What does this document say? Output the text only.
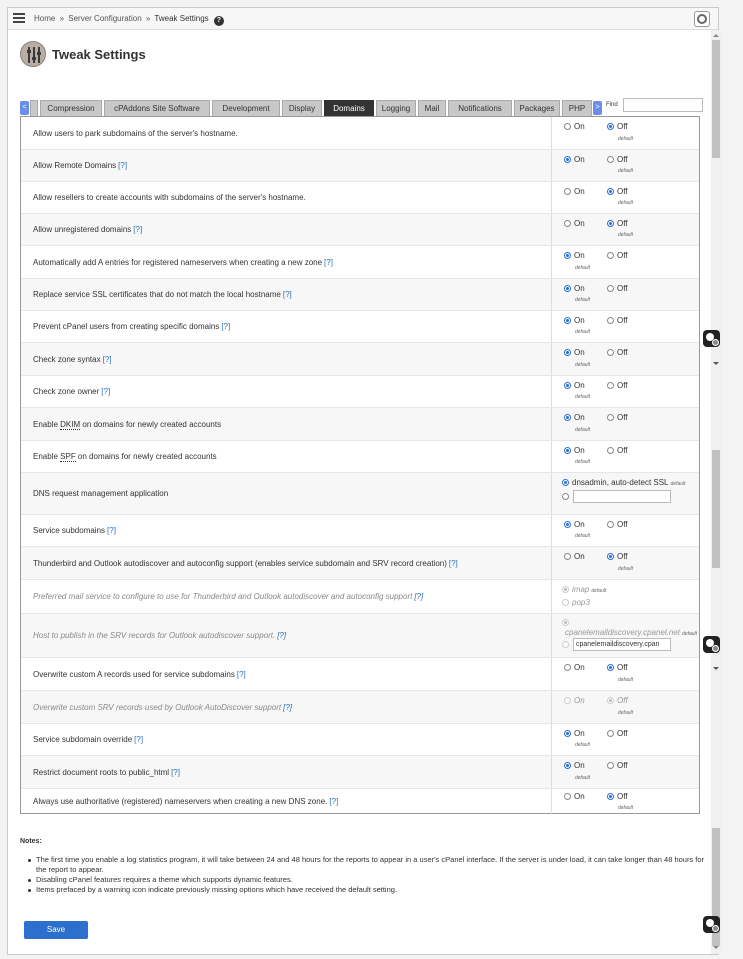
Home » Server Configuration » Tweak Settings ?
Tweak Settings
<	Compression	cPAddons Site Software	Development	Display	Domains	Logging	Mail	Notifications	Packages	PHP	>	Find
Allow users to park subdomains of the server's hostname.
On	Off
default
Allow Remote Domains [?]
On	Off
default
Allow resellers to create accounts with subdomains of the server's hostname.
On	Off
default
Allow unregistered domains [?]
On	Off
default
Automatically add A entries for registered nameservers when creating a new zone [?]
On	Off
default
Replace service SSL certificates that do not match the local hostname [?]
On	Off
default
Prevent cPanel users from creating specific domains [?]
On	Off
default
Check zone syntax [?]
On	Off
default
Check zone owner [?]
On	Off
default
Enable DKIM on domains for newly created accounts
On	Off
default
Enable SPF on domains for newly created accounts
On	Off
default
DNS request management application
dnsadmin, auto-detect SSL default
Service subdomains [?]
On	Off
default
Thunderbird and Outlook autodiscover and autoconfig support (enables service subdomain and SRV record creation) [?]
On	Off
default
Preferred mail service to configure to use for Thunderbird and Outlook autodiscover and autoconfig support [?]
imap default
pop3
Host to publish in the SRV records for Outlook autodiscover support. [?]	cpanelemaildiscovery.cpanel.net default
cpanelemaildiscovery.cpan
Overwrite custom A records used for service subdomains [?]
On	Off
default
Overwrite custom SRV records used by Outlook AutoDiscover support [?]
On	Off
default
Service subdomain override [?]
On	Off
default
Restrict document roots to public_html [?]
On	Off
default
Always use authoritative (registered) nameservers when creating a new DNS zone. [?]
On	Off
default
Notes:
The first time you enable a log statistics program, it will take between 24 and 48 hours for the reports to appear in a user's cPanel interface. If the server is under load, it can take longer than 48 hours for the report to appear.
Disabling cPanel features requires a theme which supports dynamic features.
Items prefaced by a warning icon indicate previously missing options which have received the default setting.
Save
